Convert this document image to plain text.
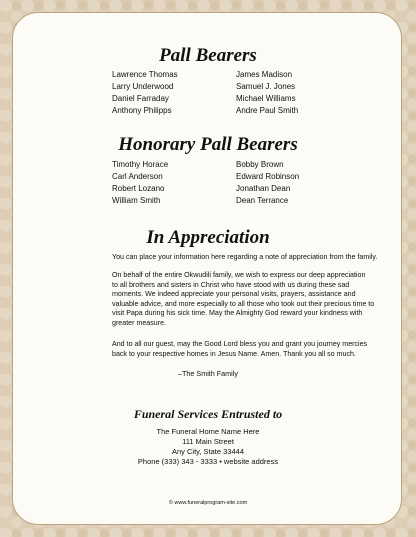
Pall Bearers
Lawrence Thomas
Larry Underwood
Daniel Farraday
Anthony Philipps
James Madison
Samuel J. Jones
Michael Williams
Andre Paul Smith
Honorary Pall Bearers
Timothy Horace
Carl Anderson
Robert Lozano
William Smith
Bobby Brown
Edward Robinson
Jonathan Dean
Dean Terrance
In Appreciation
You can place your information here regarding a note of appreciation from the family.
On behalf of the entire Okwudili family, we wish to express our deep appreciation
to all brothers and sisters in Christ who have stood with us during these sad
moments. We indeed appreciate your personal visits, prayers, assistance and
valuable advice, and more especially to all those who took out their precious time to
visit Papa during his sick time. May the Almighty God reward your kindness with
greater measure.
And to all our guest, may the Good Lord bless you and grant you journey mercies
back to your respective homes in Jesus Name. Amen. Thank you all so much.
–The Smith Family
Funeral Services Entrusted to
The Funeral Home Name Here
111 Main Street
Any City, State 33444
Phone (333) 343 - 3333 • website address
© www.funeralprogram-site.com
